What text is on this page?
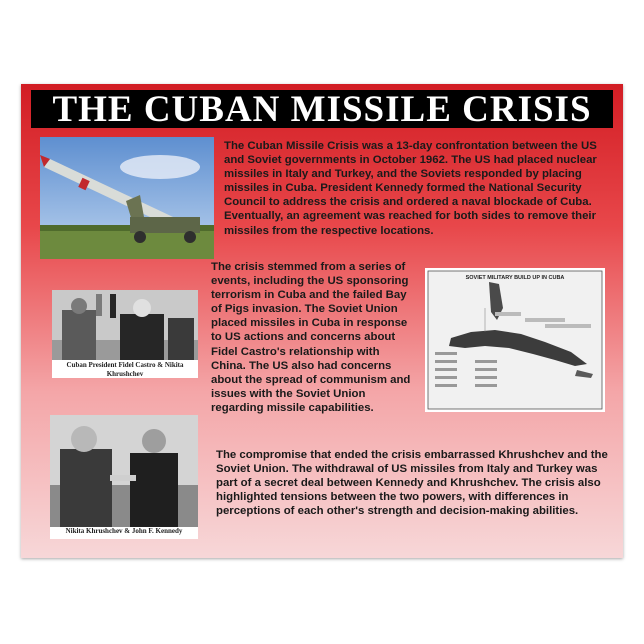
THE CUBAN MISSILE CRISIS

The Cuban Missile Crisis was a 13-day confrontation between the US and Soviet governments in October 1962. The US had placed nuclear missiles in Italy and Turkey, and the Soviets responded by placing missiles in Cuba. President Kennedy formed the National Security Council to address the crisis and ordered a naval blockade of Cuba. Eventually, an agreement was reached for both sides to remove their missiles from the respective locations.

Cuban President Fidel Castro & Nikita Khrushchev

The crisis stemmed from a series of events, including the US sponsoring terrorism in Cuba and the failed Bay of Pigs invasion. The Soviet Union placed missiles in Cuba in response to US actions and concerns about Fidel Castro's relationship with China. The US also had concerns about the spread of communism and issues with the Soviet Union regarding missile capabilities.

SOVIET MILITARY BUILD UP IN CUBA
Nikita Khrushchev & John F. Kennedy

The compromise that ended the crisis embarrassed Khrushchev and the Soviet Union. The withdrawal of US missiles from Italy and Turkey was part of a secret deal between Kennedy and Khrushchev. The crisis also highlighted tensions between the two powers, with differences in perceptions of each other's strength and decision-making abilities.
